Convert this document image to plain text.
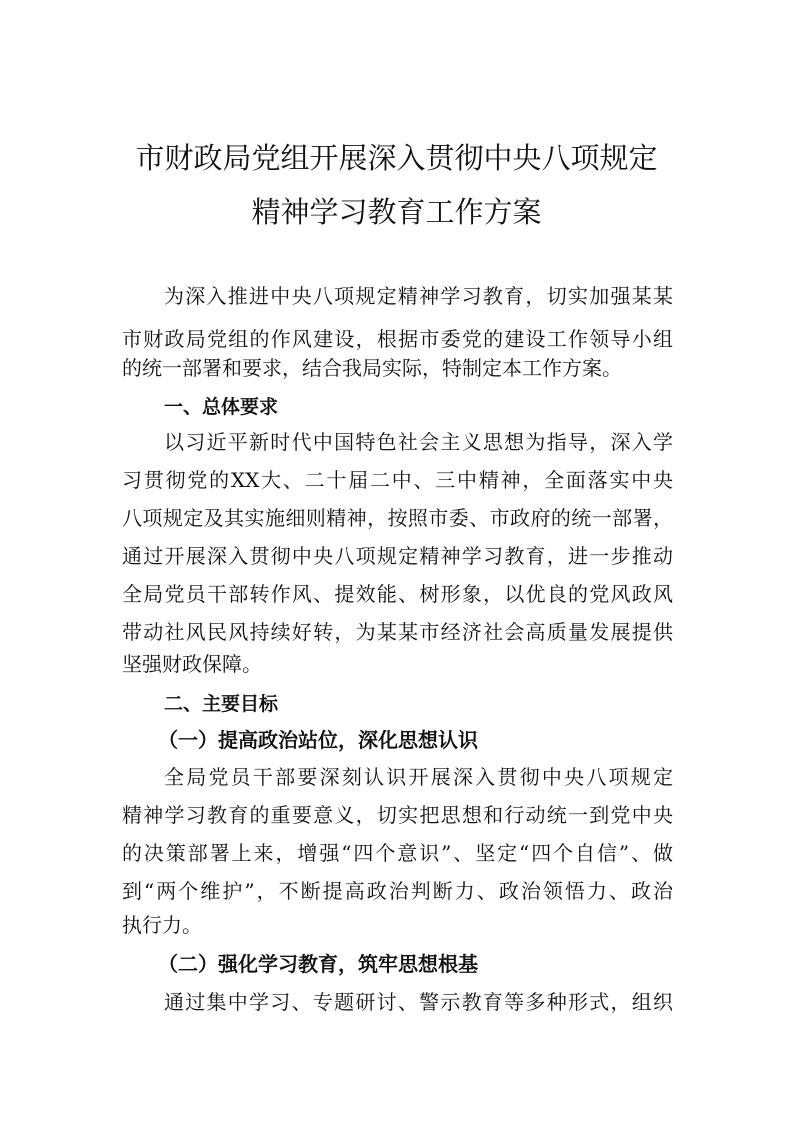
市财政局党组开展深入贯彻中央八项规定
精神学习教育工作方案
为深入推进中央八项规定精神学习教育，切实加强某某
市财政局党组的作风建设，根据市委党的建设工作领导小组
的统一部署和要求，结合我局实际，特制定本工作方案。
一、总体要求
以习近平新时代中国特色社会主义思想为指导，深入学
习贯彻党的XX大、二十届二中、三中精神，全面落实中央
八项规定及其实施细则精神，按照市委、市政府的统一部署，
通过开展深入贯彻中央八项规定精神学习教育，进一步推动
全局党员干部转作风、提效能、树形象，以优良的党风政风
带动社风民风持续好转，为某某市经济社会高质量发展提供
坚强财政保障。
二、主要目标
（一）提高政治站位，深化思想认识
全局党员干部要深刻认识开展深入贯彻中央八项规定
精神学习教育的重要意义，切实把思想和行动统一到党中央
的决策部署上来，增强“四个意识”、坚定“四个自信”、做
到“两个维护”，不断提高政治判断力、政治领悟力、政治
执行力。
（二）强化学习教育，筑牢思想根基
通过集中学习、专题研讨、警示教育等多种形式，组织
